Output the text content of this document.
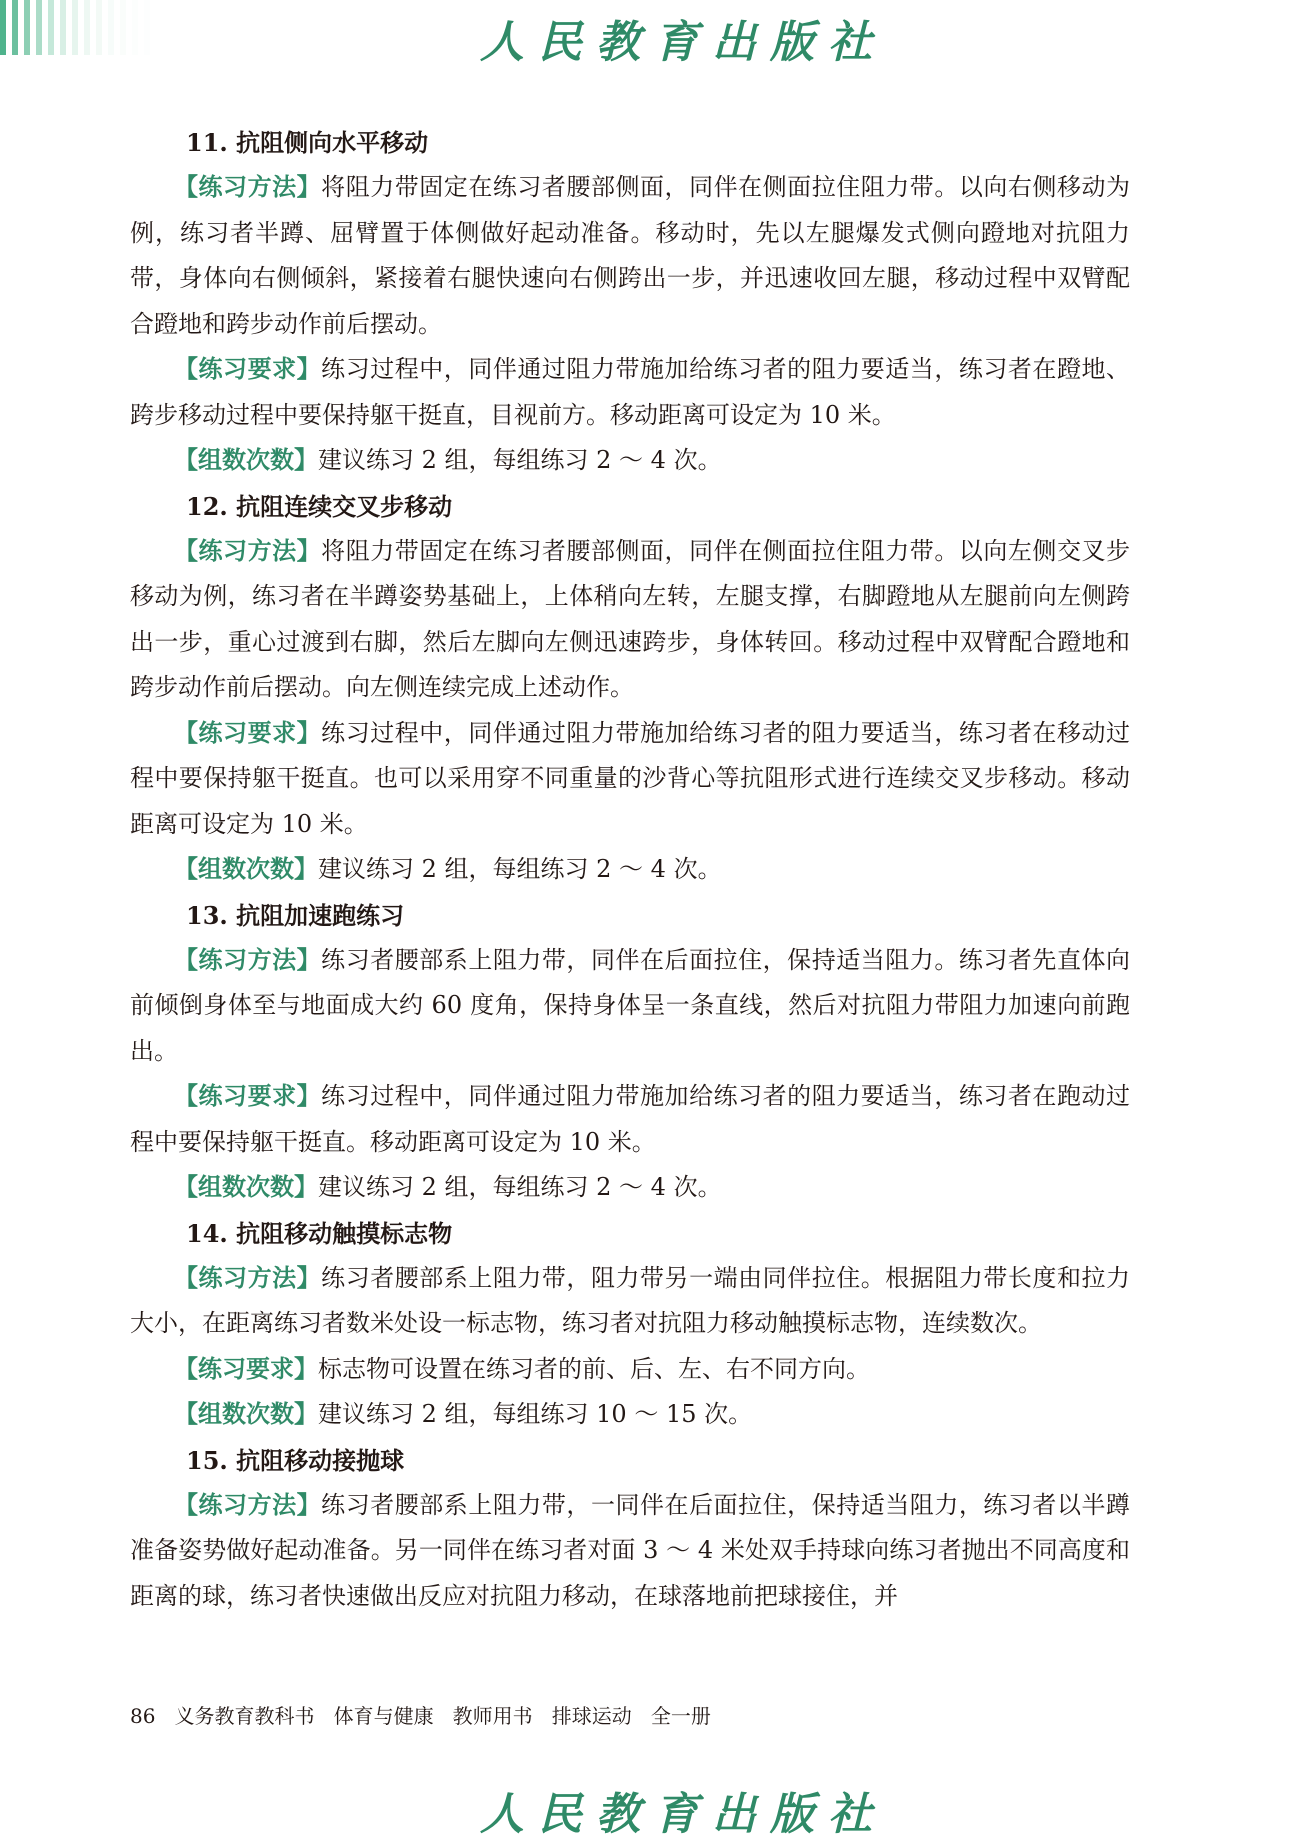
人民教育出版社
11. 抗阻侧向水平移动

【练习方法】将阻力带固定在练习者腰部侧面，同伴在侧面拉住阻力带。以向右侧移动为例，练习者半蹲、屈臂置于体侧做好起动准备。移动时，先以左腿爆发式侧向蹬地对抗阻力带，身体向右侧倾斜，紧接着右腿快速向右侧跨出一步，并迅速收回左腿，移动过程中双臂配合蹬地和跨步动作前后摆动。

【练习要求】练习过程中，同伴通过阻力带施加给练习者的阻力要适当，练习者在蹬地、跨步移动过程中要保持躯干挺直，目视前方。移动距离可设定为 10 米。

【组数次数】建议练习 2 组，每组练习 2 ～ 4 次。

12. 抗阻连续交叉步移动

【练习方法】将阻力带固定在练习者腰部侧面，同伴在侧面拉住阻力带。以向左侧交叉步移动为例，练习者在半蹲姿势基础上，上体稍向左转，左腿支撑，右脚蹬地从左腿前向左侧跨出一步，重心过渡到右脚，然后左脚向左侧迅速跨步，身体转回。移动过程中双臂配合蹬地和跨步动作前后摆动。向左侧连续完成上述动作。

【练习要求】练习过程中，同伴通过阻力带施加给练习者的阻力要适当，练习者在移动过程中要保持躯干挺直。也可以采用穿不同重量的沙背心等抗阻形式进行连续交叉步移动。移动距离可设定为 10 米。

【组数次数】建议练习 2 组，每组练习 2 ～ 4 次。

13. 抗阻加速跑练习

【练习方法】练习者腰部系上阻力带，同伴在后面拉住，保持适当阻力。练习者先直体向前倾倒身体至与地面成大约 60 度角，保持身体呈一条直线，然后对抗阻力带阻力加速向前跑出。

【练习要求】练习过程中，同伴通过阻力带施加给练习者的阻力要适当，练习者在跑动过程中要保持躯干挺直。移动距离可设定为 10 米。

【组数次数】建议练习 2 组，每组练习 2 ～ 4 次。

14. 抗阻移动触摸标志物

【练习方法】练习者腰部系上阻力带，阻力带另一端由同伴拉住。根据阻力带长度和拉力大小，在距离练习者数米处设一标志物，练习者对抗阻力移动触摸标志物，连续数次。

【练习要求】标志物可设置在练习者的前、后、左、右不同方向。

【组数次数】建议练习 2 组，每组练习 10 ～ 15 次。

15. 抗阻移动接抛球

【练习方法】练习者腰部系上阻力带，一同伴在后面拉住，保持适当阻力，练习者以半蹲准备姿势做好起动准备。另一同伴在练习者对面 3 ～ 4 米处双手持球向练习者抛出不同高度和距离的球，练习者快速做出反应对抗阻力移动，在球落地前把球接住，并

86 义务教育教科书   体育与健康   教师用书   排球运动   全一册
人民教育出版社
